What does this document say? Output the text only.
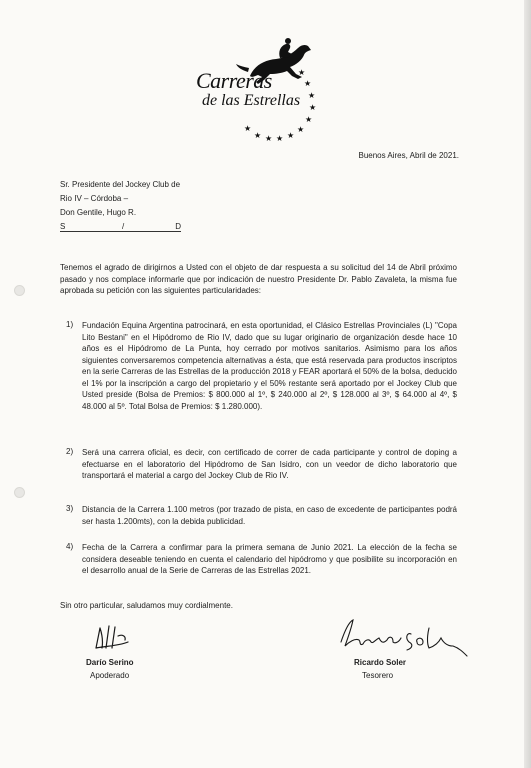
★
★
★
★
★
★
★
★
★
★
★
Carreras
de las Estrellas
Buenos Aires, Abril de 2021.
Sr. Presidente del Jockey Club de
Rio IV – Córdoba –
Don Gentile, Hugo R.
S	/	D
Tenemos el agrado de dirigirnos a Usted con el objeto de dar respuesta a su solicitud del 14 de Abril próximo pasado y nos complace informarle que por indicación de nuestro Presidente Dr. Pablo Zavaleta, la misma fue aprobada su petición con las siguientes particularidades:
1) Fundación Equina Argentina patrocinará, en esta oportunidad, el Clásico Estrellas Provinciales (L) "Copa Lito Bestani" en el Hipódromo de Rio IV, dado que su lugar originario de organización desde hace 10 años es el Hipódromo de La Punta, hoy cerrado por motivos sanitarios. Asimismo para los años siguientes conversaremos competencia alternativas a ésta, que está reservada para productos inscriptos en la serie Carreras de las Estrellas de la producción 2018 y FEAR aportará el 50% de la bolsa, deducido el 1% por la inscripción a cargo del propietario y el 50% restante será aportado por el Jockey Club que Usted preside (Bolsa de Premios: $ 800.000 al 1º, $ 240.000 al 2º, $ 128.000 al 3º, $ 64.000 al 4º, $ 48.000 al 5º. Total Bolsa de Premios: $ 1.280.000).
2) Será una carrera oficial, es decir, con certificado de correr de cada participante y control de doping a efectuarse en el laboratorio del Hipódromo de San Isidro, con un veedor de dicho laboratorio que transportará el material a cargo del Jockey Club de Rio IV.
3) Distancia de la Carrera 1.100 metros (por trazado de pista, en caso de excedente de participantes podrá ser hasta 1.200mts), con la debida publicidad.
4) Fecha de la Carrera a confirmar para la primera semana de Junio 2021. La elección de la fecha se considera deseable teniendo en cuenta el calendario del hipódromo y que posibilite su incorporación en el desarrollo anual de la Serie de Carreras de las Estrellas 2021.
Sin otro particular, saludamos muy cordialmente.
Darío Serino
Apoderado
Ricardo Soler
Tesorero
